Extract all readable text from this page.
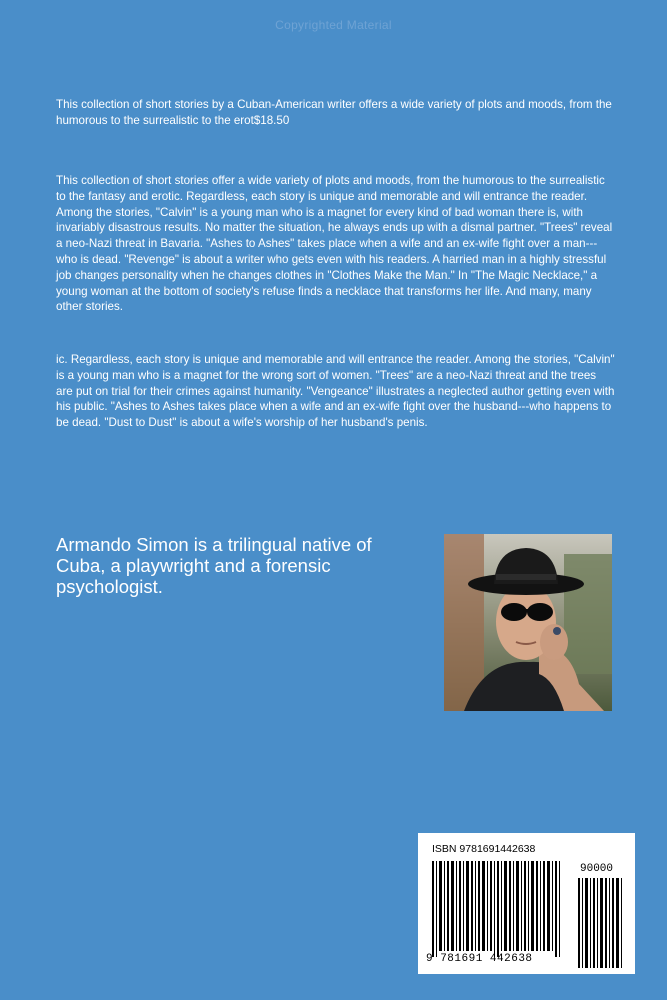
Copyrighted Material

This collection of short stories by a Cuban-American writer offers a wide variety of plots and moods, from the humorous to the surrealistic to the erot$18.50

This collection of short stories offer a wide variety of plots and moods, from the humorous to the surrealistic to the fantasy and erotic. Regardless, each story is unique and memorable and will entrance the reader. Among the stories, "Calvin" is a young man who is a magnet for every kind of bad woman there is, with invariably disastrous results. No matter the situation, he always ends up with a dismal partner. "Trees" reveal a neo-Nazi threat in Bavaria. "Ashes to Ashes" takes place when a wife and an ex-wife fight over a man---who is dead. "Revenge" is about a writer who gets even with his readers. A harried man in a highly stressful job changes personality when he changes clothes in "Clothes Make the Man." In "The Magic Necklace," a young woman at the bottom of society's refuse finds a necklace that transforms her life. And many, many other stories.

ic. Regardless, each story is unique and memorable and will entrance the reader. Among the stories, "Calvin" is a young man who is a magnet for the wrong sort of women. "Trees" are a neo-Nazi threat and the trees are put on trial for their crimes against humanity. "Vengeance" illustrates a neglected author getting even with his public. "Ashes to Ashes takes place when a wife and an ex-wife fight over the husband---who happens to be dead. "Dust to Dust" is about a wife's worship of her husband's penis.

Armando Simon is a trilingual native of Cuba, a playwright and a forensic psychologist.
ISBN 9781691442638
90000
9 781691 442638
